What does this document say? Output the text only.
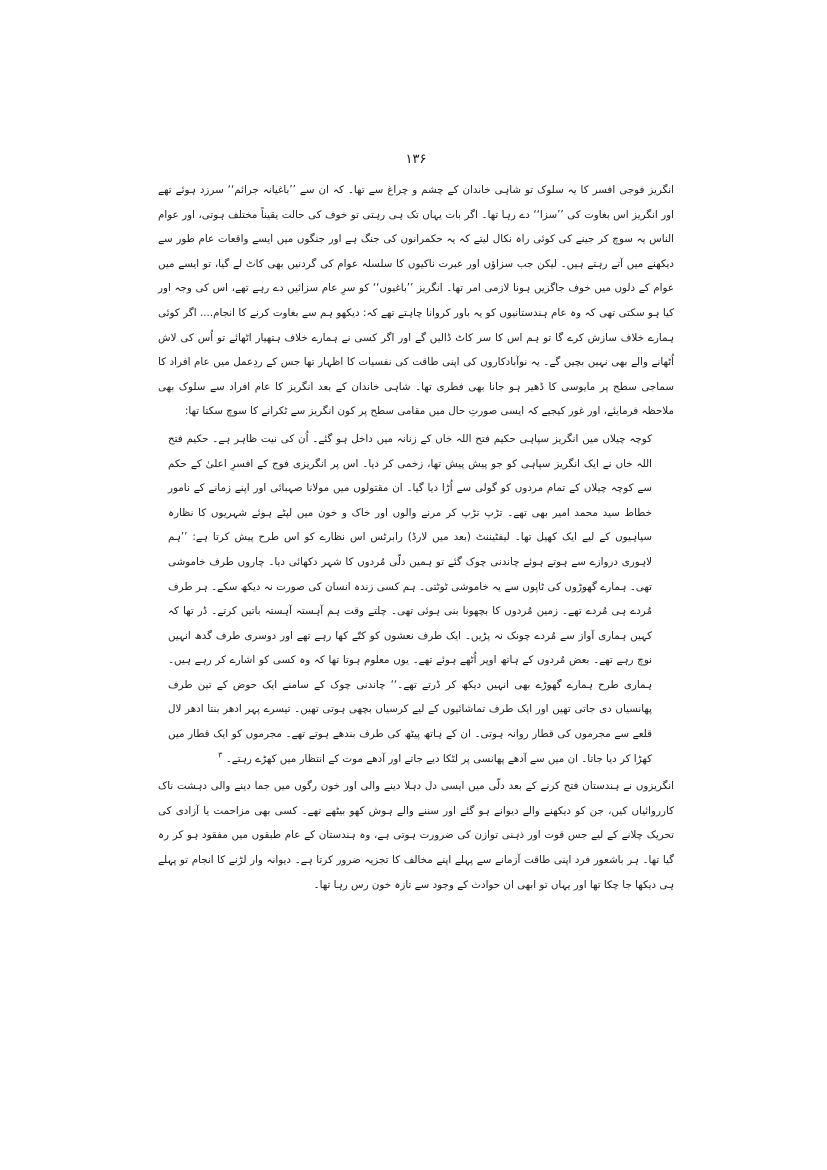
۱۳۶

انگریز فوجی افسر کا یہ سلوک تو شاہی خاندان کے چشم و چراغ سے تھا۔ کہ ان سے ’’باغیانہ جرائم‘‘ سرزد ہوئے تھے اور انگریز اس بغاوت کی ’’سزا‘‘ دے رہا تھا۔ اگر بات یہاں تک ہی رہتی تو خوف کی حالت یقیناً مختلف ہوتی، اور عوام الناس یہ سوچ کر جینے کی کوئی راہ نکال لیتے کہ یہ حکمرانوں کی جنگ ہے اور جنگوں میں ایسے واقعات عام طور سے دیکھنے میں آتے رہتے ہیں۔ لیکن جب سزاؤں اور عبرت ناکیوں کا سلسلہ عوام کی گردنیں بھی کاٹ لے گیا، تو ایسے میں عوام کے دلوں میں خوف جاگزیں ہونا لازمی امر تھا۔ انگریز ’’باغیوں‘‘ کو سرِ عام سزائیں دے رہے تھے، اس کی وجہ اور کیا ہو سکتی تھی کہ وہ عام ہندستانیوں کو یہ باور کروانا چاہتے تھے کہ: دیکھو ہم سے بغاوت کرنے کا انجام.... اگر کوئی ہمارے خلاف سازش کرے گا تو ہم اس کا سر کاٹ ڈالیں گے اور اگر کسی نے ہمارے خلاف ہتھیار اٹھائے تو اُس کی لاش اُٹھانے والے بھی نہیں بچیں گے۔ یہ نوآبادکاروں کی اپنی طاقت کی نفسیات کا اظہار تھا جس کے ردِعمل میں عام افراد کا سماجی سطح پر مایوسی کا ڈھیر ہو جانا بھی فطری تھا۔ شاہی خاندان کے بعد انگریز کا عام افراد سے سلوک بھی ملاحظہ فرمایئے، اور غور کیجیے کہ ایسی صورتِ حال میں مقامی سطح پر کون انگریز سے ٹکرانے کا سوچ سکتا تھا:

کوچہ چیلاں میں انگریز سپاہی حکیم فتح اللہ خاں کے زنانہ میں داخل ہو گئے۔ اُن کی نیت ظاہر ہے۔ حکیم فتح اللہ خاں نے ایک انگریز سپاہی کو جو پیش پیش تھا، زخمی کر دیا۔ اس پر انگریزی فوج کے افسرِ اعلیٰ کے حکم سے کوچہ چیلاں کے تمام مردوں کو گولی سے اُڑا دیا گیا۔ ان مقتولوں میں مولانا صہبائی اور اپنے زمانے کے نامور خطاط سید محمد امیر بھی تھے۔ تڑپ تڑپ کر مرنے والوں اور خاک و خون میں لپٹے ہوئے شہریوں کا نظارہ سپاہیوں کے لیے ایک کھیل تھا۔ لیفٹیننٹ (بعد میں لارڈ) رابرٹس اس نظارے کو اس طرح پیش کرتا ہے: ’’ہم لاہوری دروازے سے ہوتے ہوئے چاندنی چوک گئے تو ہمیں دلّی مُردوں کا شہر دکھائی دیا۔ چاروں طرف خاموشی تھی۔ ہمارے گھوڑوں کی ٹاپوں سے یہ خاموشی ٹوٹتی۔ ہم کسی زندہ انسان کی صورت نہ دیکھ سکے۔ ہر طرف مُردے ہی مُردے تھے۔ زمین مُردوں کا بچھونا بنی ہوئی تھی۔ چلتے وقت ہم آہستہ آہستہ باتیں کرتے۔ ڈر تھا کہ کہیں ہماری آواز سے مُردے چونک نہ پڑیں۔ ایک طرف نعشوں کو کتّے کھا رہے تھے اور دوسری طرف گدھ انہیں نوچ رہے تھے۔ بعض مُردوں کے ہاتھ اوپر اُٹھے ہوئے تھے۔ یوں معلوم ہوتا تھا کہ وہ کسی کو اشارے کر رہے ہیں۔ ہماری طرح ہمارے گھوڑے بھی انہیں دیکھ کر ڈرتے تھے۔‘‘ چاندنی چوک کے سامنے ایک حوض کے تین طرف پھانسیاں دی جاتی تھیں اور ایک طرف تماشائیوں کے لیے کرسیاں بچھی ہوتی تھیں۔ تیسرے پہر ادھر بنتا ادھر لال قلعے سے مجرموں کی قطار روانہ ہوتی۔ ان کے ہاتھ پیٹھ کی طرف بندھے ہوتے تھے۔ مجرموں کو ایک قطار میں کھڑا کر دیا جاتا۔ ان میں سے آدھے پھانسی پر لٹکا دیے جاتے اور آدھے موت کے انتظار میں کھڑے رہتے۔ $^۳$

انگریزوں نے ہندستان فتح کرنے کے بعد دلّی میں ایسی دل دہلا دینے والی اور خون رگوں میں جما دینے والی دہشت ناک کارروائیاں کیں، جن کو دیکھنے والے دیوانے ہو گئے اور سننے والے ہوش کھو بیٹھے تھے۔ کسی بھی مزاحمت یا آزادی کی تحریک چلانے کے لیے جس قوت اور ذہنی توازن کی ضرورت ہوتی ہے، وہ ہندستان کے عام طبقوں میں مفقود ہو کر رہ گیا تھا۔ ہر باشعور فرد اپنی طاقت آزمانے سے پہلے اپنے مخالف کا تجزیہ ضرور کرتا ہے۔ دیوانہ وار لڑنے کا انجام تو پہلے ہی دیکھا جا چکا تھا اور یہاں تو ابھی ان حوادث کے وجود سے تازہ خون رس رہا تھا۔
